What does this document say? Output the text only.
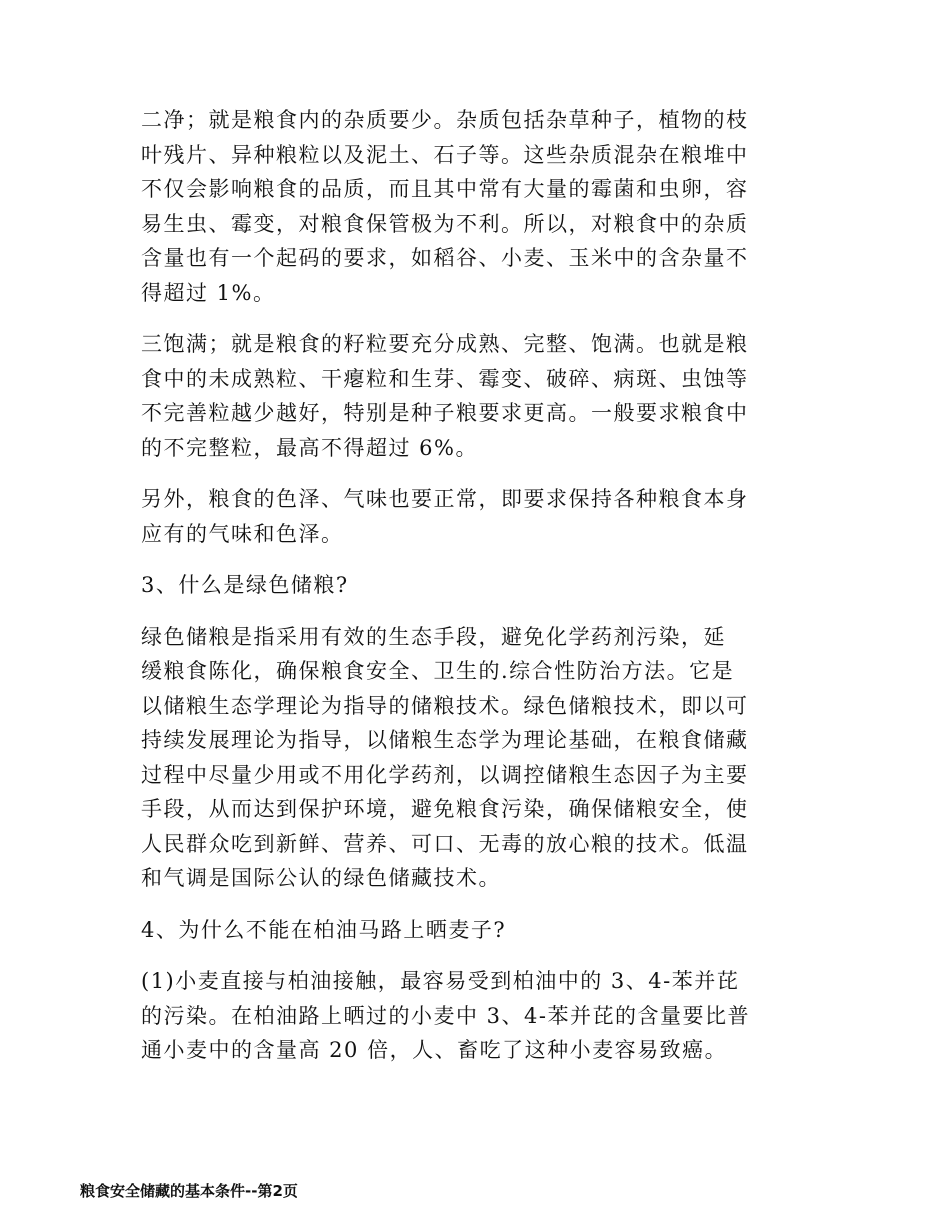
二净；就是粮食内的杂质要少。杂质包括杂草种子，植物的枝
叶残片、异种粮粒以及泥土、石子等。这些杂质混杂在粮堆中
不仅会影响粮食的品质，而且其中常有大量的霉菌和虫卵，容
易生虫、霉变，对粮食保管极为不利。所以，对粮食中的杂质
含量也有一个起码的要求，如稻谷、小麦、玉米中的含杂量不
得超过 1%。
三饱满；就是粮食的籽粒要充分成熟、完整、饱满。也就是粮
食中的未成熟粒、干瘪粒和生芽、霉变、破碎、病斑、虫蚀等
不完善粒越少越好，特别是种子粮要求更高。一般要求粮食中
的不完整粒，最高不得超过 6%。
另外，粮食的色泽、气味也要正常，即要求保持各种粮食本身
应有的气味和色泽。
3、什么是绿色储粮?
绿色储粮是指采用有效的生态手段，避免化学药剂污染，延
缓粮食陈化，确保粮食安全、卫生的.综合性防治方法。它是
以储粮生态学理论为指导的储粮技术。绿色储粮技术，即以可
持续发展理论为指导，以储粮生态学为理论基础，在粮食储藏
过程中尽量少用或不用化学药剂，以调控储粮生态因子为主要
手段，从而达到保护环境，避免粮食污染，确保储粮安全，使
人民群众吃到新鲜、营养、可口、无毒的放心粮的技术。低温
和气调是国际公认的绿色储藏技术。
4、为什么不能在柏油马路上晒麦子?
(1)小麦直接与柏油接触，最容易受到柏油中的 3、4-苯并芘
的污染。在柏油路上晒过的小麦中 3、4-苯并芘的含量要比普
通小麦中的含量高 20 倍，人、畜吃了这种小麦容易致癌。
粮食安全储藏的基本条件--第2页
